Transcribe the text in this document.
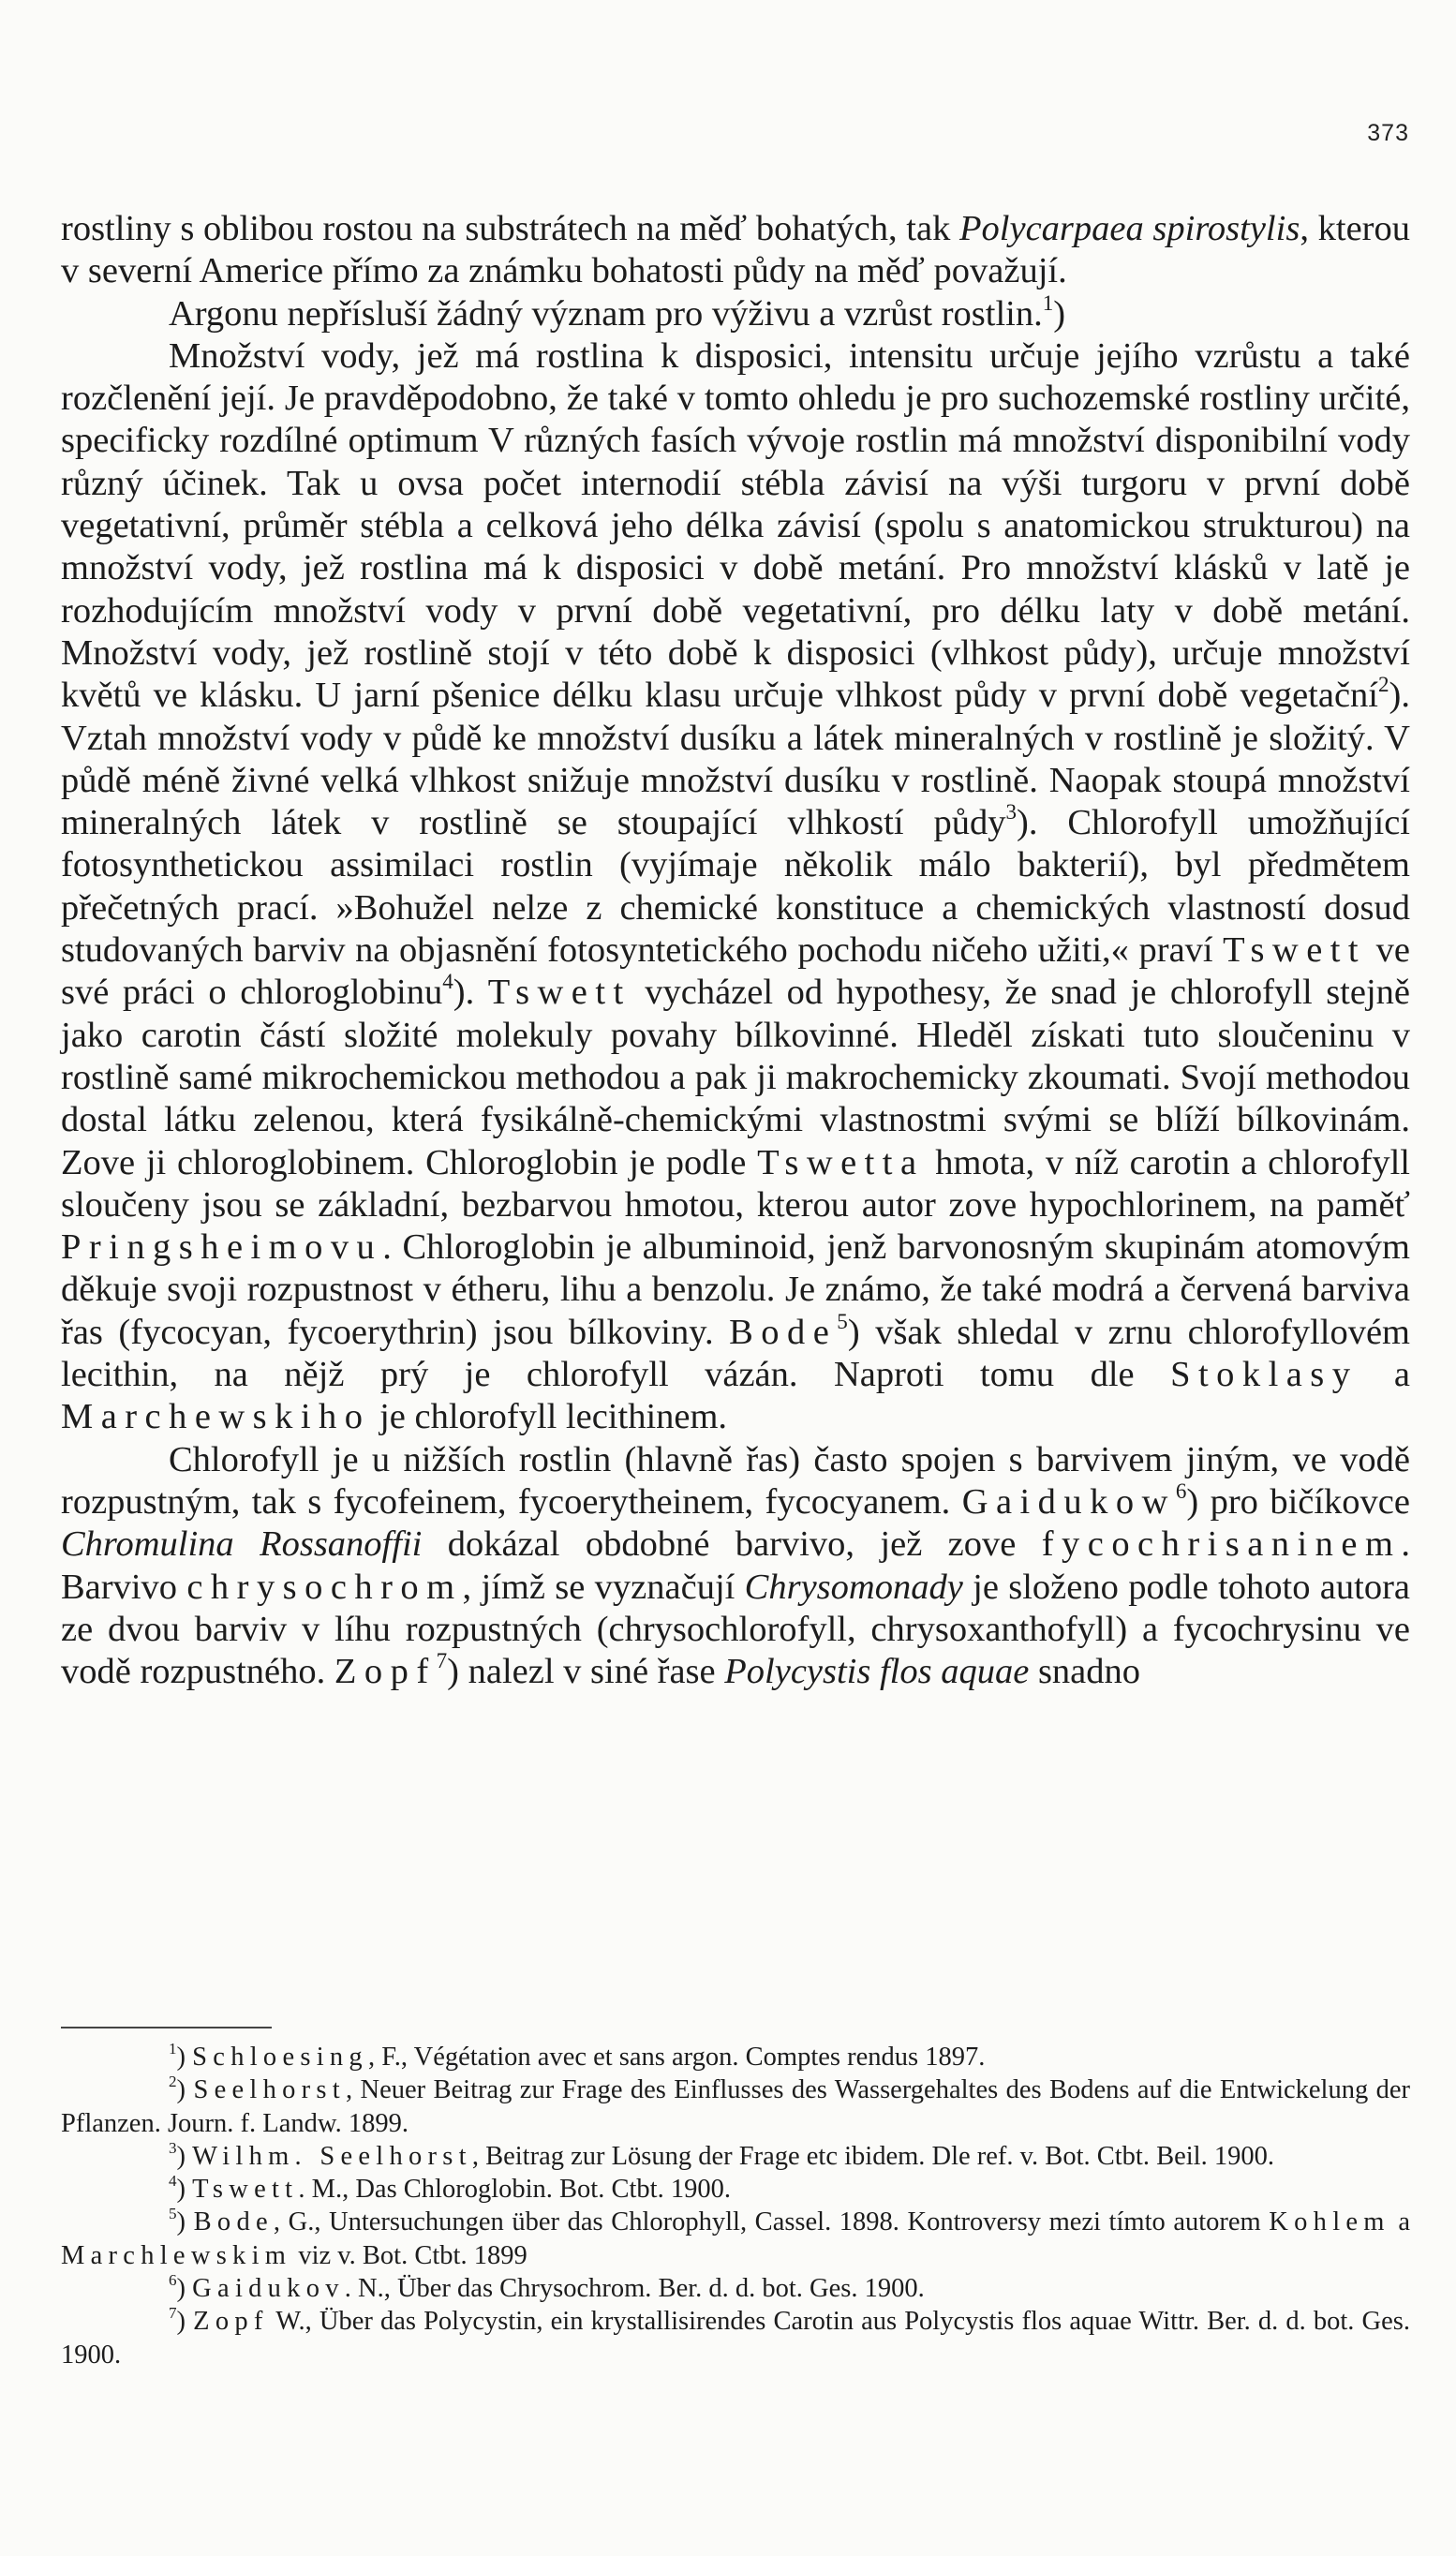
373

rostliny s oblibou rostou na substrátech na měď bohatých, tak Polycarpaea spirostylis, kterou v severní Americe přímo za známku bohatosti půdy na měď považují.

Argonu nepřísluší žádný význam pro výživu a vzrůst rostlin.$^1$)

Množství vody, jež má rostlina k disposici, intensitu určuje jejího vzrůstu a také rozčlenění její. Je pravděpodobno, že také v tomto ohledu je pro suchozemské rostliny určité, specificky rozdílné optimum V různých fasích vývoje rostlin má množství disponibilní vody různý účinek. Tak u ovsa počet internodií stébla závisí na výši turgoru v první době vegetativní, průměr stébla a celková jeho délka závisí (spolu s anatomickou strukturou) na množství vody, jež rostlina má k disposici v době metání. Pro množství klásků v latě je rozhodujícím množství vody v první době vegetativní, pro délku laty v době metání. Množství vody, jež rostlině stojí v této době k disposici (vlhkost půdy), určuje množství květů ve klásku. U jarní pšenice délku klasu určuje vlhkost půdy v první době vegetační$^2$). Vztah množství vody v půdě ke množství dusíku a látek mineralných v rostlině je složitý. V půdě méně živné velká vlhkost snižuje množství dusíku v rostlině. Naopak stoupá množství mineralných látek v rostlině se stoupající vlhkostí půdy$^3$). Chlorofyll umožňující fotosynthetickou assimilaci rostlin (vyjímaje několik málo bakterií), byl předmětem přečetných prací. »Bohužel nelze z chemické konstituce a chemických vlastností dosud studovaných barviv na objasnění fotosyntetického pochodu ničeho užiti,« praví Tswett ve své práci o chloroglobinu$^4$). Tswett vycházel od hypothesy, že snad je chlorofyll stejně jako carotin částí složité molekuly povahy bílkovinné. Hleděl získati tuto sloučeninu v rostlině samé mikrochemickou methodou a pak ji makrochemicky zkoumati. Svojí methodou dostal látku zelenou, která fysikálně-chemickými vlastnostmi svými se blíží bílkovinám. Zove ji chloroglobinem. Chloroglobin je podle Tswetta hmota, v níž carotin a chlorofyll sloučeny jsou se základní, bezbarvou hmotou, kterou autor zove hypochlorinem, na paměť Pringsheimovu. Chloroglobin je albuminoid, jenž barvonosným skupinám atomovým děkuje svoji rozpustnost v étheru, lihu a benzolu. Je známo, že také modrá a červená barviva řas (fycocyan, fycoerythrin) jsou bílkoviny. Bode$^5$) však shledal v zrnu chlorofyllovém lecithin, na nějž prý je chlorofyll vázán. Naproti tomu dle Stoklasy a Marchewskiho je chlorofyll lecithinem.

Chlorofyll je u nižších rostlin (hlavně řas) často spojen s barvivem jiným, ve vodě rozpustným, tak s fycofeinem, fycoerytheinem, fycocyanem. Gaidukow$^6$) pro bičíkovce Chromulina Rossanoffii dokázal obdobné barvivo, jež zove fycochrisaninem. Barvivo chrysochrom, jímž se vyznačují Chrysomonady je složeno podle tohoto autora ze dvou barviv v líhu rozpustných (chrysochlorofyll, chrysoxanthofyll) a fycochrysinu ve vodě rozpustného. Zopf$^7$) nalezl v siné řase Polycystis flos aquae snadno

$^1$) Schloesing, F., Végétation avec et sans argon. Comptes rendus 1897.

$^2$) Seelhorst, Neuer Beitrag zur Frage des Einflusses des Wassergehaltes des Bodens auf die Entwickelung der Pflanzen. Journ. f. Landw. 1899.

$^3$) Wilhm. Seelhorst, Beitrag zur Lösung der Frage etc ibidem. Dle ref. v. Bot. Ctbt. Beil. 1900.

$^4$) Tswett. M., Das Chloroglobin. Bot. Ctbt. 1900.

$^5$) Bode, G., Untersuchungen über das Chlorophyll, Cassel. 1898. Kontroversy mezi tímto autorem Kohlem a Marchlewskim viz v. Bot. Ctbt. 1899

$^6$) Gaidukov. N., Über das Chrysochrom. Ber. d. d. bot. Ges. 1900.

$^7$) Zopf W., Über das Polycystin, ein krystallisirendes Carotin aus Polycystis flos aquae Wittr. Ber. d. d. bot. Ges. 1900.
